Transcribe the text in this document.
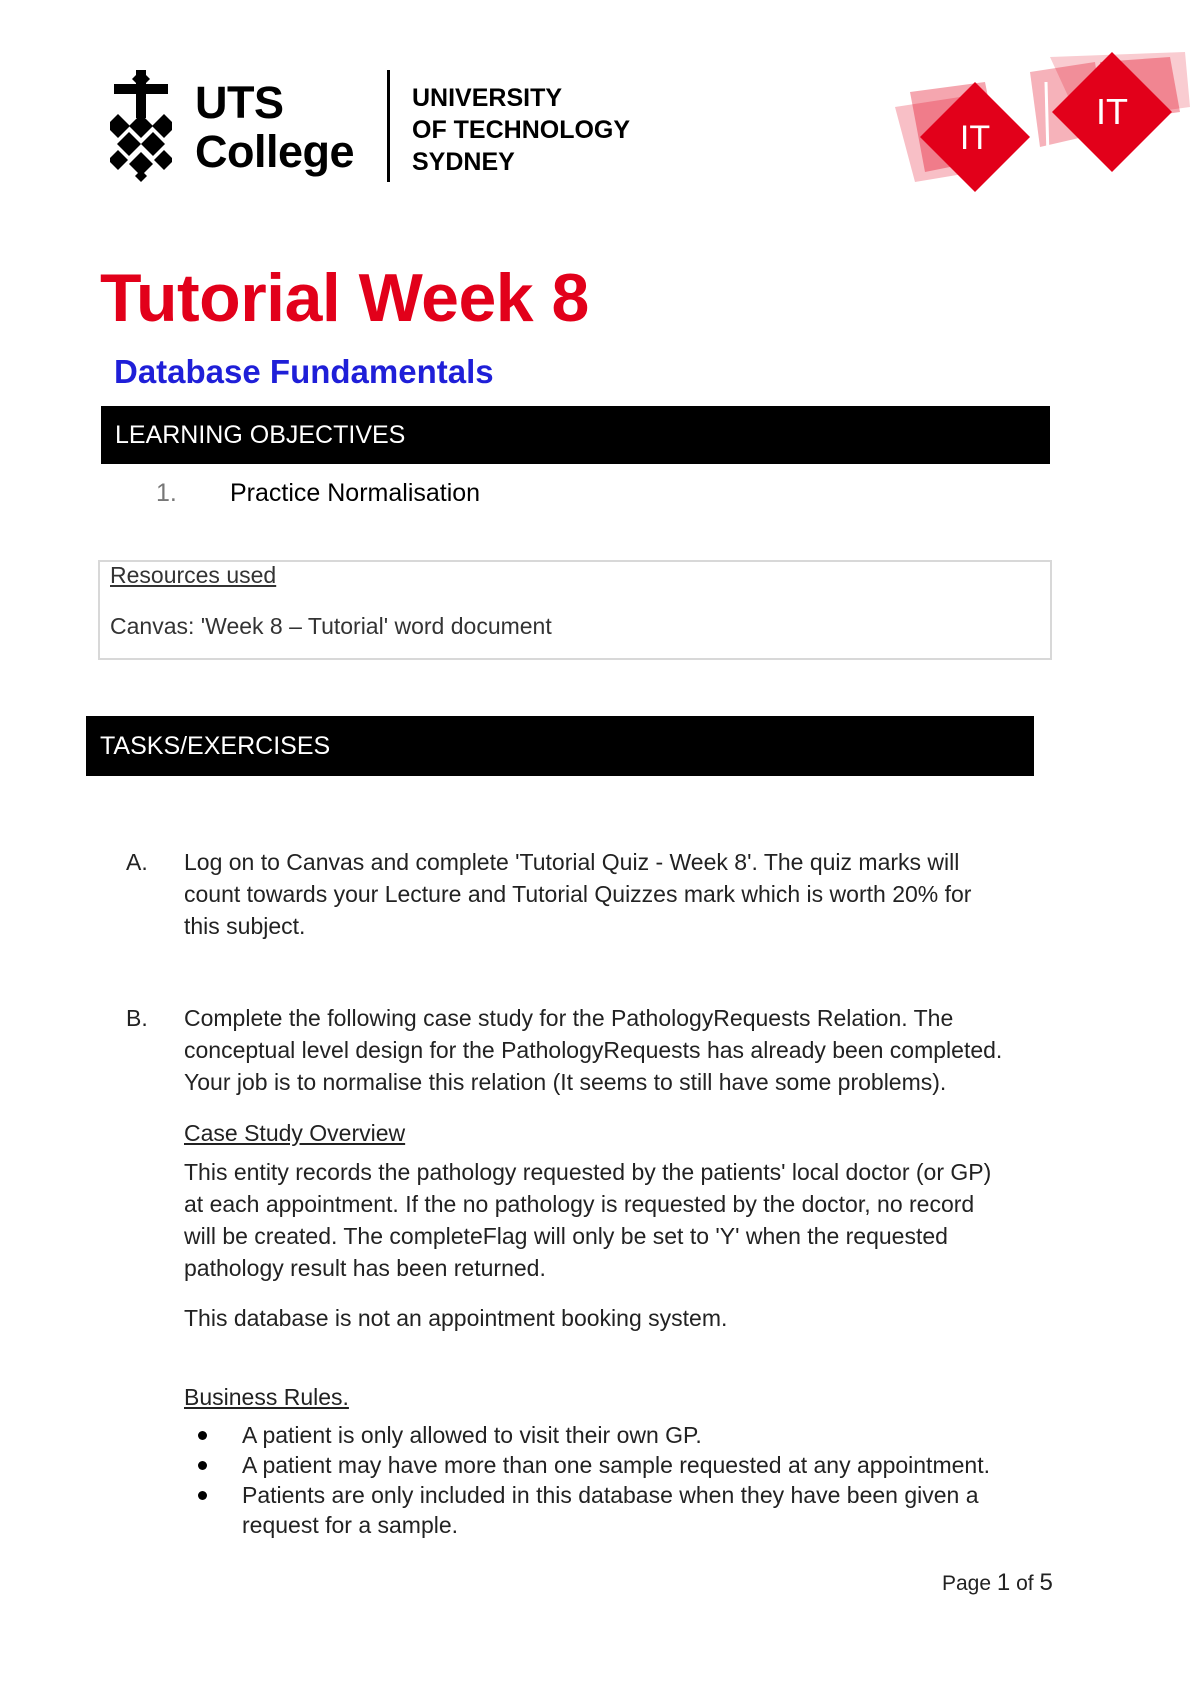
UTS
College
UNIVERSITY
OF TECHNOLOGY
SYDNEY
IT
IT
Tutorial Week 8
Database Fundamentals
LEARNING OBJECTIVES
1. Practice Normalisation
Resources used
Canvas: 'Week 8 – Tutorial' word document
TASKS/EXERCISES
A. Log on to Canvas and complete 'Tutorial Quiz - Week 8'. The quiz marks will
count towards your Lecture and Tutorial Quizzes mark which is worth 20% for
this subject.
B. Complete the following case study for the PathologyRequests Relation. The
conceptual level design for the PathologyRequests has already been completed.
Your job is to normalise this relation (It seems to still have some problems).
Case Study Overview
This entity records the pathology requested by the patients' local doctor (or GP)
at each appointment. If the no pathology is requested by the doctor, no record
will be created. The completeFlag will only be set to 'Y' when the requested
pathology result has been returned.
This database is not an appointment booking system.
Business Rules.
A patient is only allowed to visit their own GP.
A patient may have more than one sample requested at any appointment.
Patients are only included in this database when they have been given a request for a sample.
Page 1 of 5
